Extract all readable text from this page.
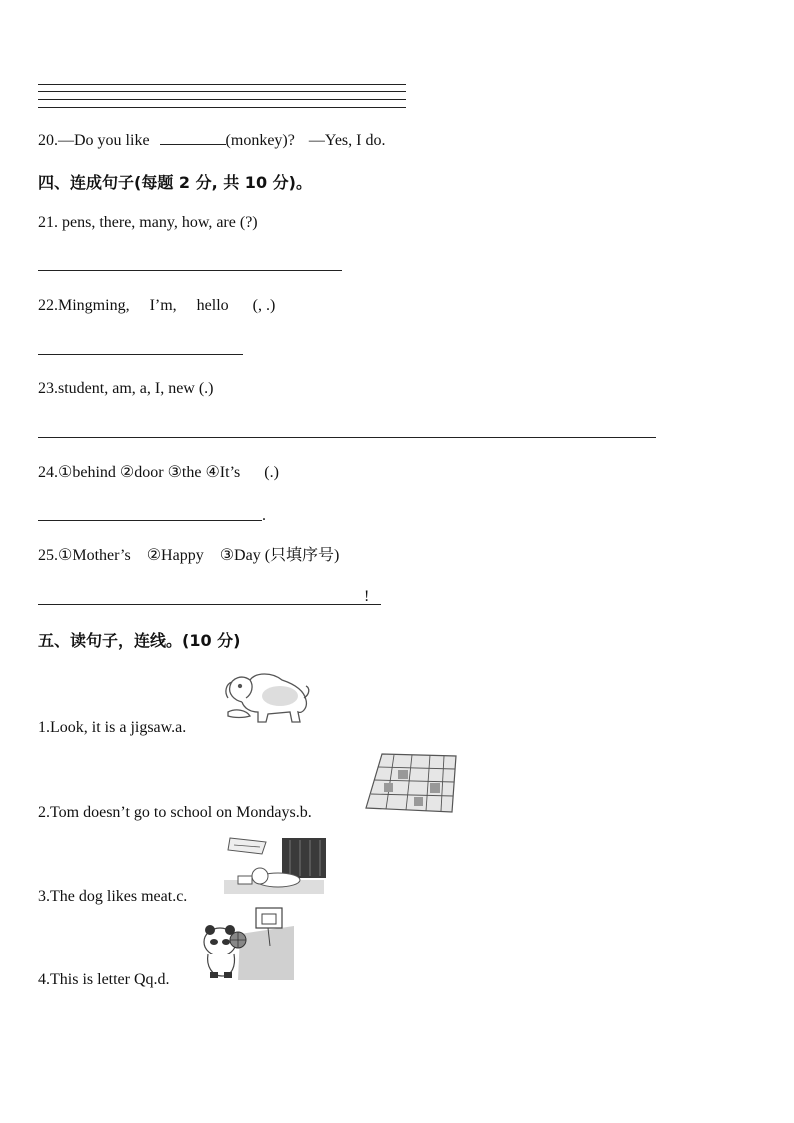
20.—Do you like	(monkey)? —Yes, I do.
四、连成句子(每题 2 分, 共 10 分)。
21. pens, there, many, how, are (?)
22.Mingming,     I’m,     hello      (, .)
23.student, am, a, I, new (.)
24.①behind ②door ③the ④It’s      (.)
.
25.①Mother’s    ②Happy    ③Day (只填序号)
!
五、读句子，连线。(10 分)
1.Look, it is a jigsaw.a.
2.Tom doesn’t go to school on Mondays.b.
3.The dog likes meat.c.
4.This is letter Qq.d.
